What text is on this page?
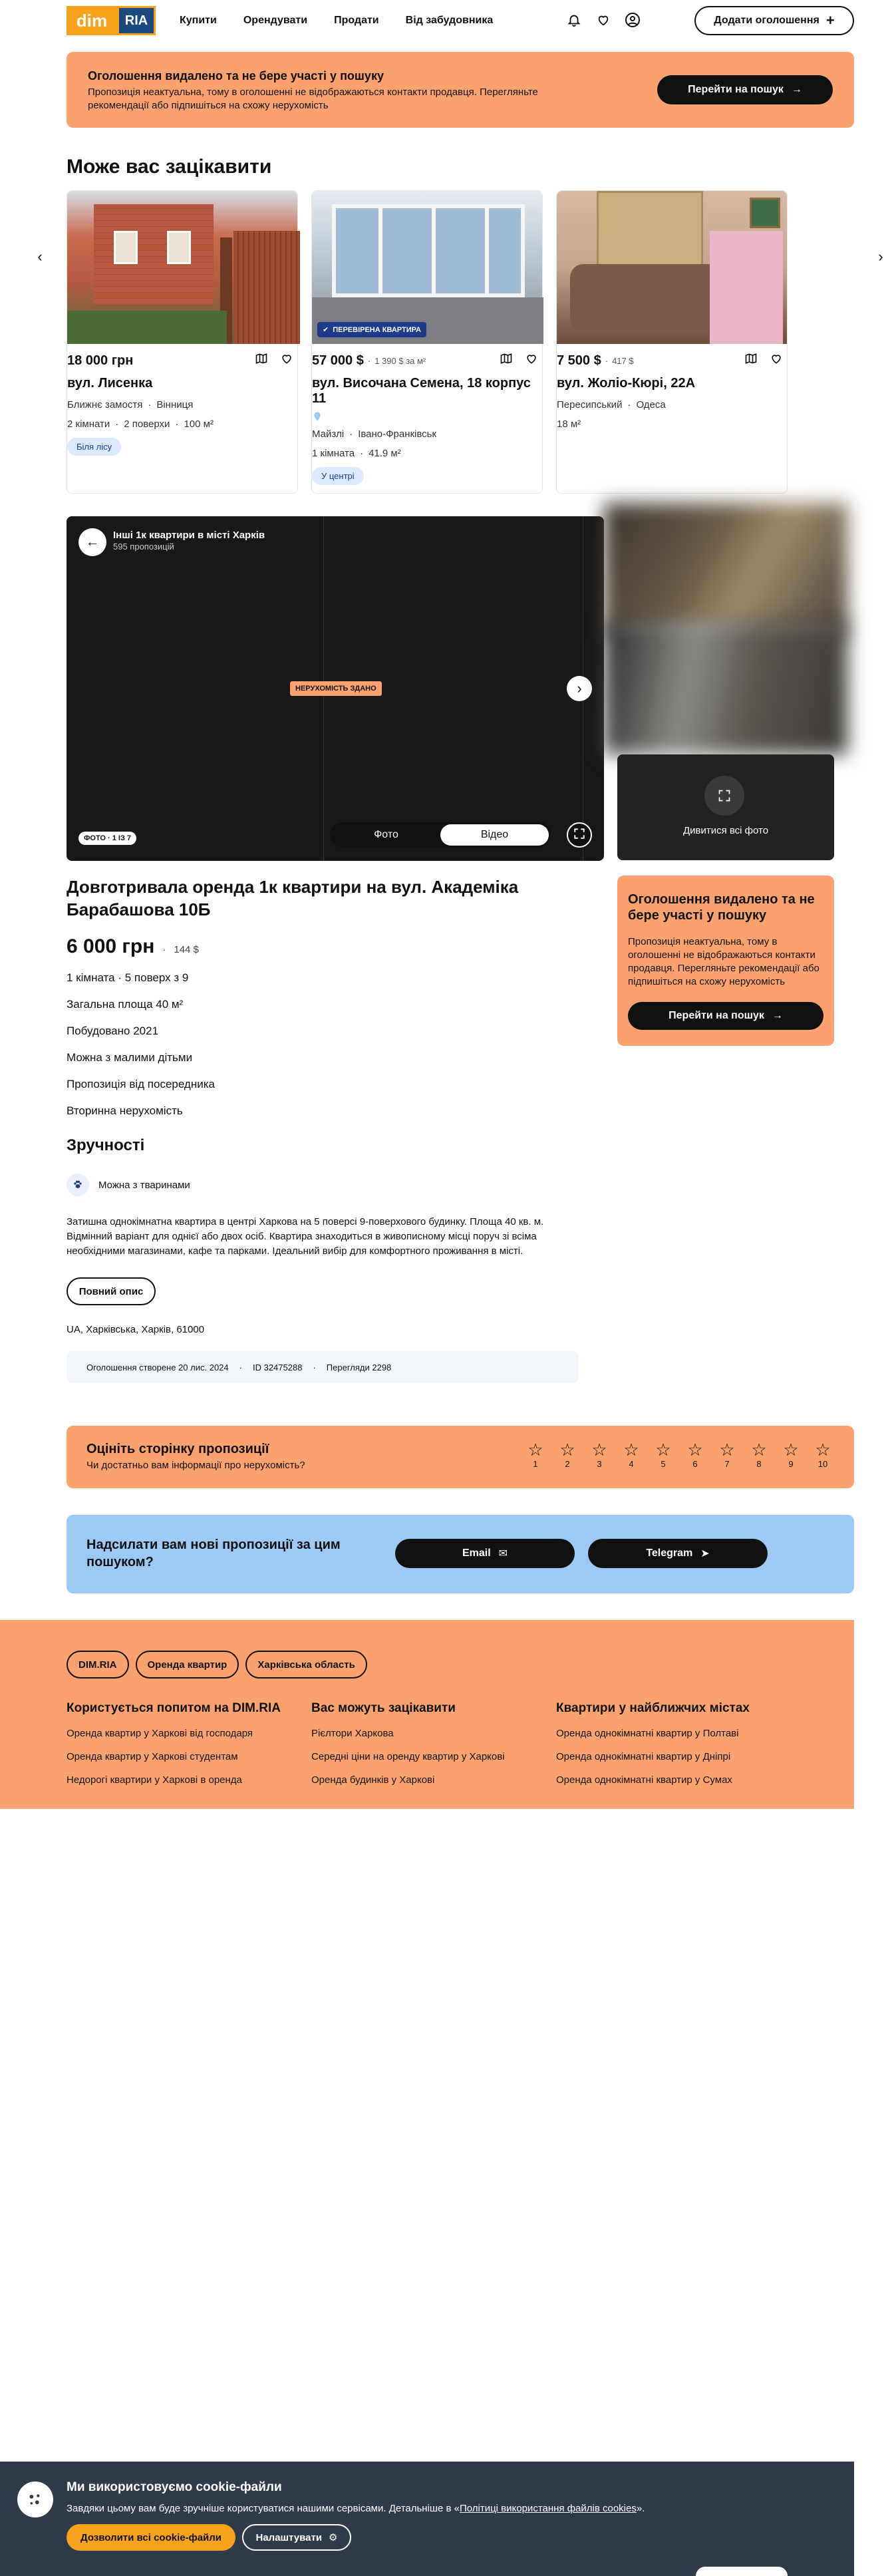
dim	RIA	Купити	Орендувати	Продати	Від забудовника	Додати оголошення +
Оголошення видалено та не бере участі у пошуку

Пропозиція неактуальна, тому в оголошенні не відображаються контакти продавця. Перегляньте рекомендації або підпишіться на схожу нерухомість

Перейти на пошук →
Може вас зацікавити
‹	›
18 000 грн
вул. Лисенка
Ближнє замостя · Вінниця
2 кімнати · 2 поверхи · 100 м²
Біля лісу
✔ ПЕРЕВІРЕНА КВАРТИРА
57 000 $ · 1 390 $ за м²
вул. Височана Семена, 18 корпус 11
Майзлі · Івано-Франківськ
1 кімната · 41.9 м²
У центрі
7 500 $ · 417 $
вул. Жоліо-Кюрі, 22А
Пересипський · Одеса
18 м²
← Інші 1к квартири в місті Харків
595 пропозицій
НЕРУХОМІСТЬ ЗДАНО	›
ФОТО · 1 ІЗ 7	Фото	Відео	Дивитися всі фото
Довготривала оренда 1к квартири на вул. Академіка Барабашова 10Б
6 000 грн · 144 $
1 кімната · 5 поверх з 9
Загальна площа 40 м²
Побудовано 2021
Можна з малими дітьми
Пропозиція від посередника
Вторинна нерухомість
Зручності
Можна з тваринами

Затишна однокімнатна квартира в центрі Харкова на 5 поверсі 9-поверхового будинку. Площа 40 кв. м. Відмінний варіант для однієї або двох осіб. Квартира знаходиться в живописному місці поруч зі всіма необхідними магазинами, кафе та парками. Ідеальний вибір для комфортного проживання в місті.

Повний опис
UA, Харківська, Харків, 61000
Оголошення створене 20 лис. 2024	·	ID 32475288	·	Перегляди 2298
Оголошення видалено та не бере участі у пошуку

Пропозиція неактуальна, тому в оголошенні не відображаються контакти продавця. Перегляньте рекомендації або підпишіться на схожу нерухомість

Перейти на пошук →
Оцініть сторінку пропозиції

Чи достатньо вам інформації про нерухомість?

☆
1
☆
2
☆
3
☆
4
☆
5
☆
6
☆
7
☆
8
☆
9
☆
10
Надсилати вам нові пропозиції за цим пошуком?
Email ✉	Telegram ➤
DIM.RIA	Оренда квартир	Харківська область
Користується попитом на DIM.RIA
Оренда квартир у Харкові від господаря
Оренда квартир у Харкові студентам
Недорогі квартири у Харкові в оренда
Вас можуть зацікавити
Рієлтори Харкова
Середні ціни на оренду квартир у Харкові
Оренда будинків у Харкові
Квартири у найближчих містах
Оренда однокімнатні квартир у Полтаві
Оренда однокімнатні квартир у Дніпрі
Оренда однокімнатні квартир у Сумах
Ми використовуємо cookie-файли

Завдяки цьому вам буде зручніше користуватися нашими сервісами. Детальніше в «Політиці використання файлів cookies».

Дозволити всі cookie-файли	Налаштувати ⚙
